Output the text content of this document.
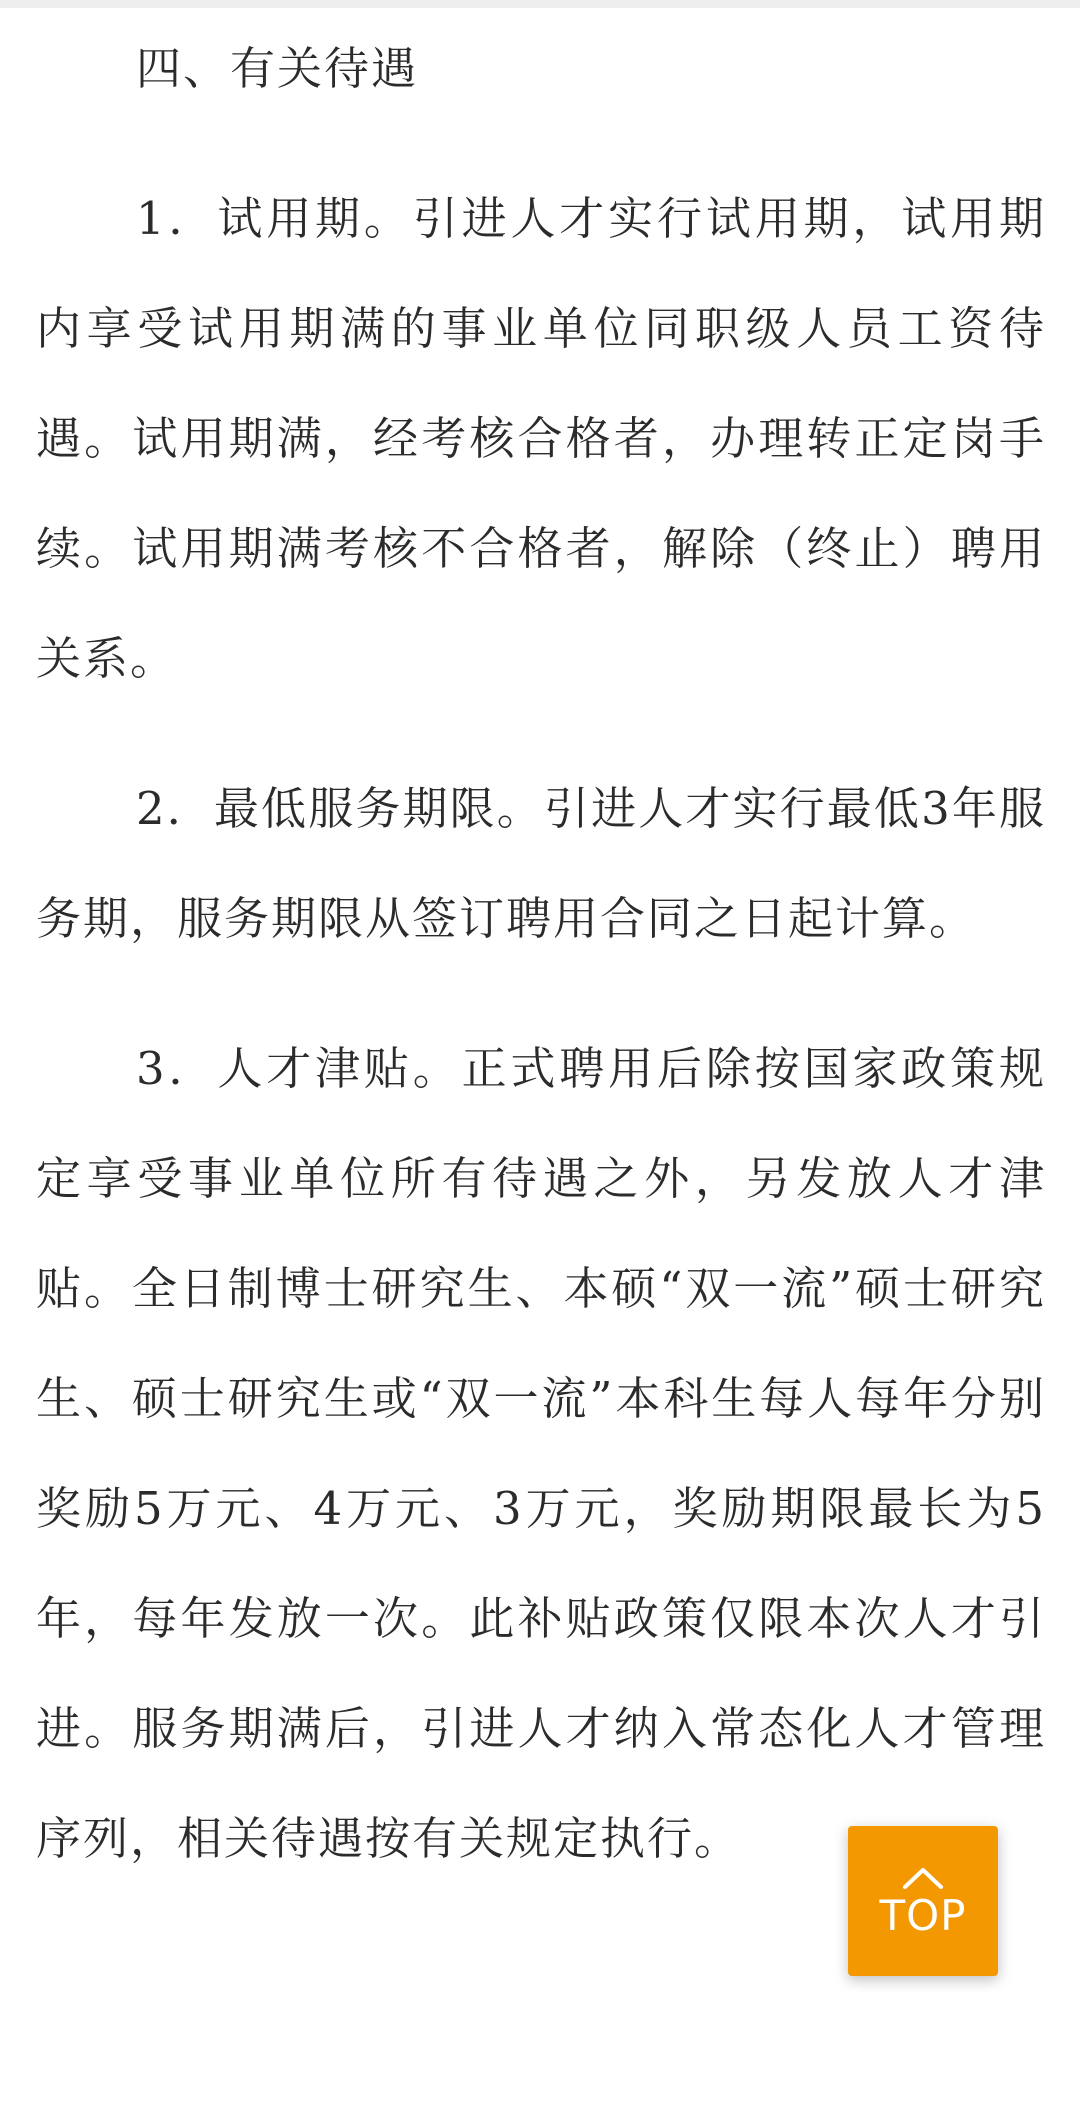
四、有关待遇

1．试用期。引进人才实行试用期，试用期内享受试用期满的事业单位同职级人员工资待遇。试用期满，经考核合格者，办理转正定岗手续。试用期满考核不合格者，解除（终止）聘用关系。

2．最低服务期限。引进人才实行最低3年服务期，服务期限从签订聘用合同之日起计算。

3．人才津贴。正式聘用后除按国家政策规定享受事业单位所有待遇之外，另发放人才津贴。全日制博士研究生、本硕“双一流”硕士研究生、硕士研究生或“双一流”本科生每人每年分别奖励5万元、4万元、3万元，奖励期限最长为5年，每年发放一次。此补贴政策仅限本次人才引进。服务期满后，引进人才纳入常态化人才管理序列，相关待遇按有关规定执行。

TOP
